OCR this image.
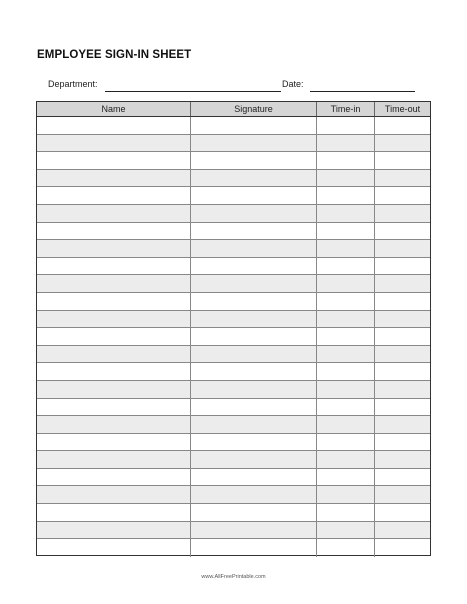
EMPLOYEE SIGN-IN SHEET
Department:	Date:
Name	Signature	Time-in	Time-out
www.AllFreePrintable.com
